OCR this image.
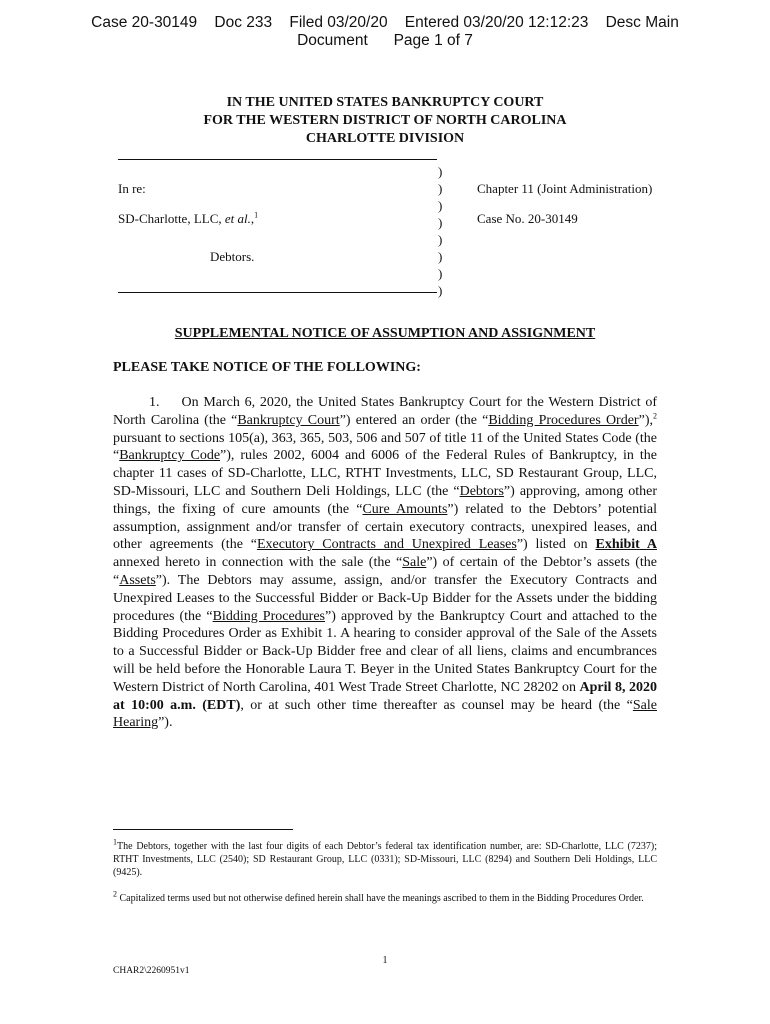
Case 20-30149    Doc 233    Filed 03/20/20    Entered 03/20/20 12:12:23    Desc Main
Document      Page 1 of 7
IN THE UNITED STATES BANKRUPTCY COURT
FOR THE WESTERN DISTRICT OF NORTH CAROLINA
CHARLOTTE DIVISION
)
)
)
)
)
)
)
)
In re:
SD-Charlotte, LLC, et al.,$^1$
Debtors.
Chapter 11 (Joint Administration)
Case No. 20-30149
SUPPLEMENTAL NOTICE OF ASSUMPTION AND ASSIGNMENT
PLEASE TAKE NOTICE OF THE FOLLOWING:
1. On March 6, 2020, the United States Bankruptcy Court for the Western District of North Carolina (the “Bankruptcy Court”) entered an order (the “Bidding Procedures Order”),$^2$ pursuant to sections 105(a), 363, 365, 503, 506 and 507 of title 11 of the United States Code (the “Bankruptcy Code”), rules 2002, 6004 and 6006 of the Federal Rules of Bankruptcy, in the chapter 11 cases of SD-Charlotte, LLC, RTHT Investments, LLC, SD Restaurant Group, LLC, SD-Missouri, LLC and Southern Deli Holdings, LLC (the “Debtors”) approving, among other things, the fixing of cure amounts (the “Cure Amounts”) related to the Debtors’ potential assumption, assignment and/or transfer of certain executory contracts, unexpired leases, and other agreements (the “Executory Contracts and Unexpired Leases”) listed on Exhibit A annexed hereto in connection with the sale (the “Sale”) of certain of the Debtor’s assets (the “Assets”). The Debtors may assume, assign, and/or transfer the Executory Contracts and Unexpired Leases to the Successful Bidder or Back-Up Bidder for the Assets under the bidding procedures (the “Bidding Procedures”) approved by the Bankruptcy Court and attached to the Bidding Procedures Order as Exhibit 1. A hearing to consider approval of the Sale of the Assets to a Successful Bidder or Back-Up Bidder free and clear of all liens, claims and encumbrances will be held before the Honorable Laura T. Beyer in the United States Bankruptcy Court for the Western District of North Carolina, 401 West Trade Street Charlotte, NC 28202 on April 8, 2020 at 10:00 a.m. (EDT), or at such other time thereafter as counsel may be heard (the “Sale Hearing”).
$^1$The Debtors, together with the last four digits of each Debtor’s federal tax identification number, are: SD-Charlotte, LLC (7237); RTHT Investments, LLC (2540); SD Restaurant Group, LLC (0331); SD-Missouri, LLC (8294) and Southern Deli Holdings, LLC (9425).
$^2$ Capitalized terms used but not otherwise defined herein shall have the meanings ascribed to them in the Bidding Procedures Order.
1
CHAR2\2260951v1
